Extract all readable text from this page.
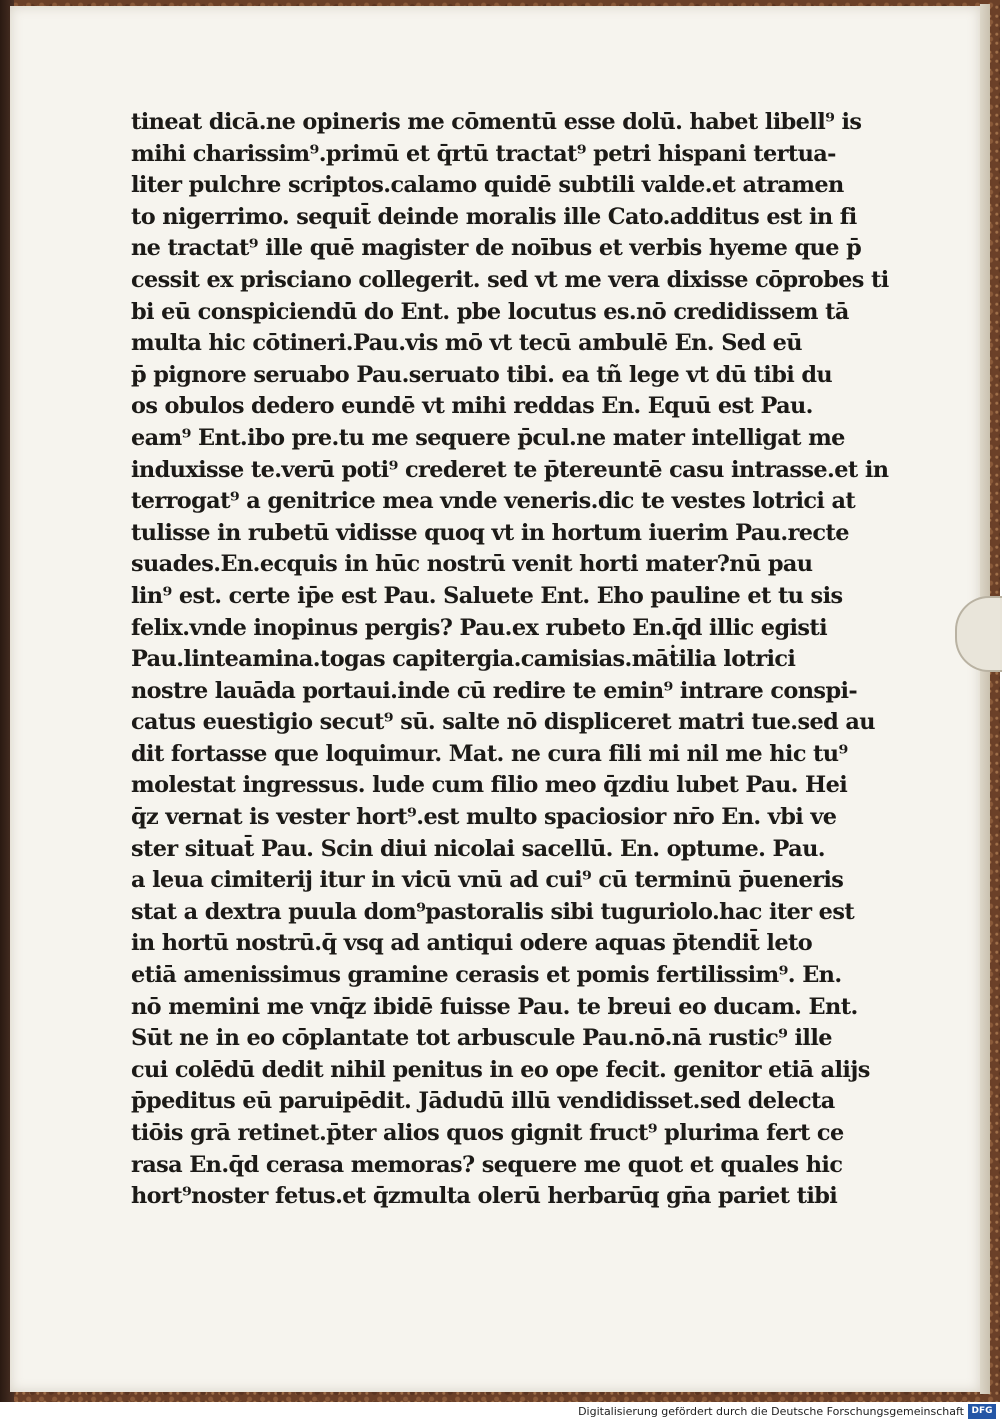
tineat dicā.ne opineris me cōmentū esse dolū. habet libell⁹ is
mihi charissim⁹.primū et q̄rtū tractat⁹ petri hispani tertua-
liter pulchre scriptos.calamo quidē subtili valde.et atramen
to nigerrimo. sequit̄ deinde moralis ille Cato.additus est in fi
ne tractat⁹ ille quē magister de noībus et verbis hyeme que p̄
cessit ex prisciano collegerit. sed vt me vera dixisse cōprobes ti
bi eū conspiciendū do Ent. pbe locutus es.nō credidissem tā
multa hic cōtineri.Pau.vis mō vt tecū ambulē En. Sed eū
p̄ pignore seruabo Pau.seruato tibi. ea tñ lege vt dū tibi du
os obulos dedero eundē vt mihi reddas En. Equū est Pau.
eam⁹ Ent.ibo pre.tu me sequere p̄cul.ne mater intelligat me
induxisse te.verū poti⁹ crederet te p̄tereuntē casu intrasse.et in
terrogat⁹ a genitrice mea vnde veneris.dic te vestes lotrici at
tulisse in rubetū vidisse quoq̧ vt in hortum iuerim Pau.recte
suades.En.ecquis in hūc nostrū venit horti mater?nū pau
lin⁹ est. certe ip̄e est Pau. Saluete Ent. Eho pauline et tu sis
felix.vnde inopinus pergis? Pau.ex rubeto En.q̄d illic egisti
Pau.linteamina.togas capitergia.camisias.māṫilia lotrici
nostre lauāda portaui.inde cū redire te emin⁹ intrare conspi-
catus euestigio secut⁹ sū. salte nō displiceret matri tue.sed au
dit fortasse que loquimur. Mat. ne cura fili mi nil me hic tu⁹
molestat ingressus. lude cum filio meo q̄zdiu lubet Pau. Hei
q̄z vernat is vester hort⁹.est multo spaciosior nr̄o En. vbi ve
ster situat̄ Pau. Scin diui nicolai sacellū. En. optume. Pau.
a leua cimiterij itur in vicū vnū ad cui⁹ cū terminū p̄ueneris
stat a dextra puula dom⁹pastoralis sibi tuguriolo.hac iter est
in hortū nostrū.q̄ vsq̧ ad antiqui odere aquas p̄tendit̄ leto
etiā amenissimus gramine cerasis et pomis fertilissim⁹. En.
nō memini me vnq̄z ibidē fuisse Pau. te breui eo ducam. Ent.
Sūt ne in eo cōplantate tot arbuscule Pau.nō.nā rustic⁹ ille
cui colēdū dedit nihil penitus in eo ope fecit. genitor etiā alijs
p̄peditus eū paruipēdit. Jādudū illū vendidisset.sed delecta
tiōis grā retinet.p̄ter alios quos gignit fruct⁹ plurima fert ce
rasa En.q̄d cerasa memoras? sequere me quot et quales hic
hort⁹noster fetus.et q̄zmulta olerū herbarūq̧ gn̄a pariet tibi
Digitalisierung gefördert durch die Deutsche Forschungsgemeinschaft DFG
